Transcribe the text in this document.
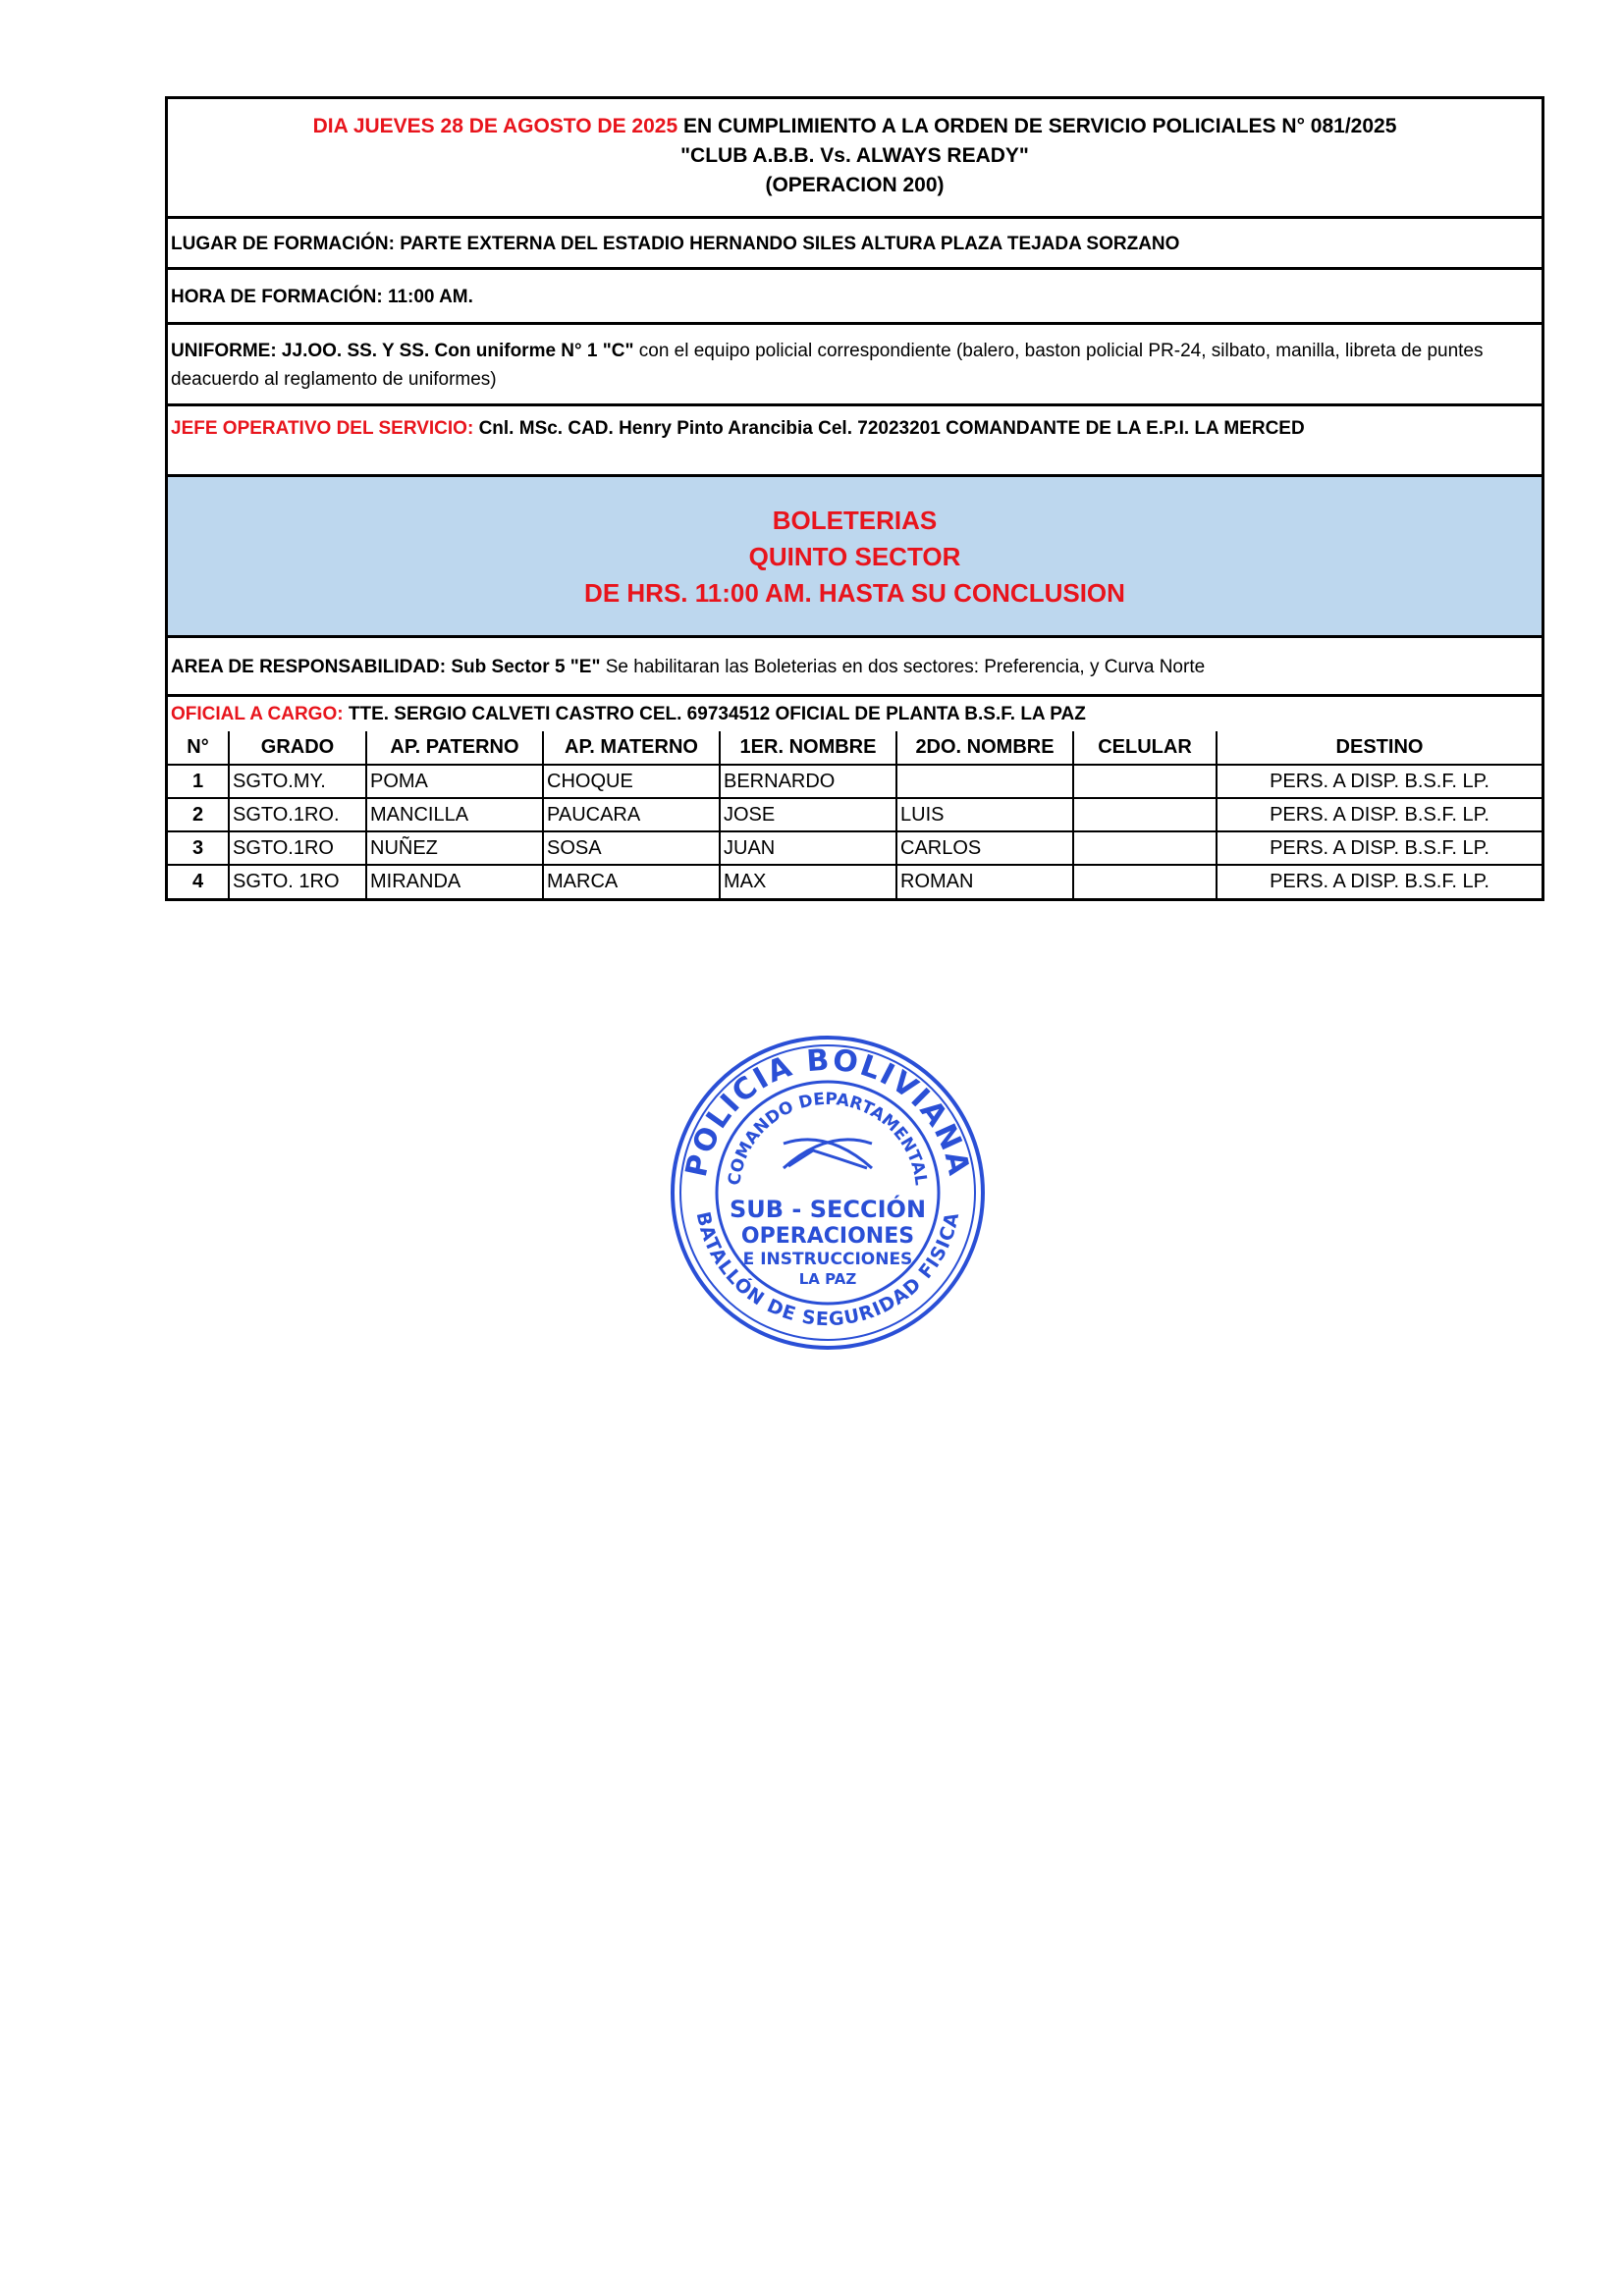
DIA JUEVES 28 DE AGOSTO DE 2025 EN CUMPLIMIENTO A LA ORDEN DE SERVICIO POLICIALES N° 081/2025
"CLUB A.B.B. Vs. ALWAYS READY"
(OPERACION 200)
LUGAR DE FORMACIÓN: PARTE EXTERNA DEL ESTADIO HERNANDO SILES ALTURA PLAZA TEJADA SORZANO
HORA DE FORMACIÓN: 11:00 AM.
UNIFORME: JJ.OO. SS. Y SS. Con uniforme N° 1 "C" con el equipo policial correspondiente (balero, baston policial PR-24, silbato, manilla, libreta de puntes deacuerdo al reglamento de uniformes)
JEFE OPERATIVO DEL SERVICIO: Cnl. MSc. CAD. Henry Pinto Arancibia Cel. 72023201 COMANDANTE DE LA E.P.I. LA MERCED
BOLETERIAS
QUINTO SECTOR
DE HRS. 11:00 AM. HASTA SU CONCLUSION
AREA DE RESPONSABILIDAD: Sub Sector 5 "E" Se habilitaran las Boleterias en dos sectores: Preferencia, y Curva Norte
OFICIAL A CARGO: TTE. SERGIO CALVETI CASTRO CEL. 69734512 OFICIAL DE PLANTA B.S.F. LA PAZ
N°	GRADO	AP. PATERNO	AP. MATERNO	1ER. NOMBRE	2DO. NOMBRE	CELULAR	DESTINO
1	SGTO.MY.	POMA	CHOQUE	BERNARDO			PERS. A DISP. B.S.F. LP.
2	SGTO.1RO.	MANCILLA	PAUCARA	JOSE	LUIS		PERS. A DISP. B.S.F. LP.
3	SGTO.1RO	NUÑEZ	SOSA	JUAN	CARLOS		PERS. A DISP. B.S.F. LP.
4	SGTO. 1RO	MIRANDA	MARCA	MAX	ROMAN		PERS. A DISP. B.S.F. LP.
POLICIA BOLIVIANA
BATALLÓN DE SEGURIDAD FISICA
COMANDO DEPARTAMENTAL
SUB - SECCIÓN
OPERACIONES
E INSTRUCCIONES
LA PAZ
